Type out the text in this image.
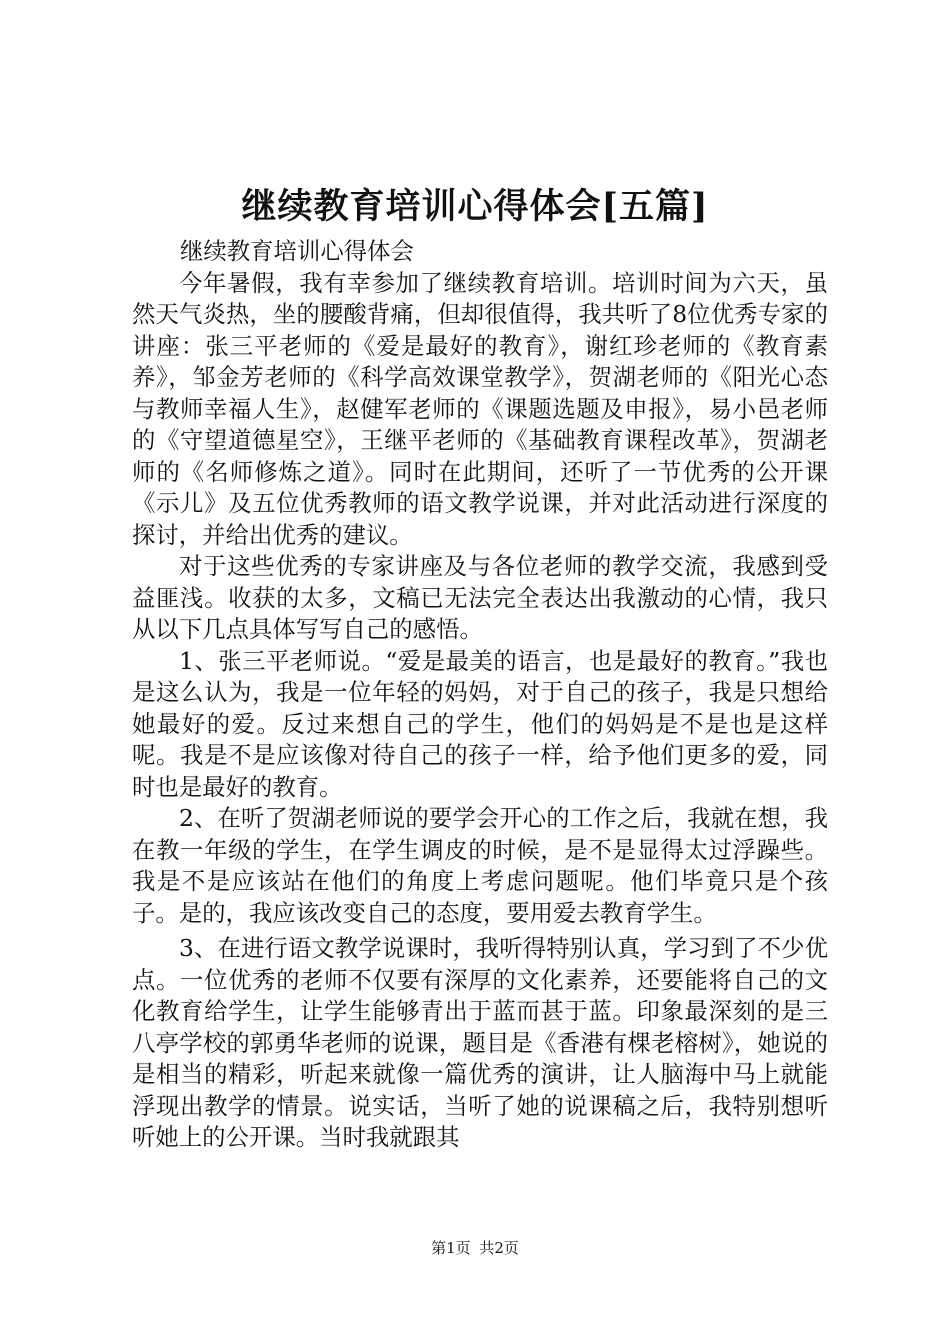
继续教育培训心得体会[五篇]

继续教育培训心得体会

今年暑假，我有幸参加了继续教育培训。培训时间为六天，虽然天气炎热，坐的腰酸背痛，但却很值得，我共听了8位优秀专家的讲座：张三平老师的《爱是最好的教育》，谢红珍老师的《教育素养》，邹金芳老师的《科学高效课堂教学》，贺湖老师的《阳光心态与教师幸福人生》，赵健军老师的《课题选题及申报》，易小邑老师的《守望道德星空》，王继平老师的《基础教育课程改革》，贺湖老师的《名师修炼之道》。同时在此期间，还听了一节优秀的公开课《示儿》及五位优秀教师的语文教学说课，并对此活动进行深度的探讨，并给出优秀的建议。

对于这些优秀的专家讲座及与各位老师的教学交流，我感到受益匪浅。收获的太多，文稿已无法完全表达出我激动的心情，我只从以下几点具体写写自己的感悟。

1、张三平老师说。“爱是最美的语言，也是最好的教育。”我也是这么认为，我是一位年轻的妈妈，对于自己的孩子，我是只想给她最好的爱。反过来想自己的学生，他们的妈妈是不是也是这样呢。我是不是应该像对待自己的孩子一样，给予他们更多的爱，同时也是最好的教育。

2、在听了贺湖老师说的要学会开心的工作之后，我就在想，我在教一年级的学生，在学生调皮的时候，是不是显得太过浮躁些。我是不是应该站在他们的角度上考虑问题呢。他们毕竟只是个孩子。是的，我应该改变自己的态度，要用爱去教育学生。

3、在进行语文教学说课时，我听得特别认真，学习到了不少优点。一位优秀的老师不仅要有深厚的文化素养，还要能将自己的文化教育给学生，让学生能够青出于蓝而甚于蓝。印象最深刻的是三八亭学校的郭勇华老师的说课，题目是《香港有棵老榕树》，她说的是相当的精彩，听起来就像一篇优秀的演讲，让人脑海中马上就能浮现出教学的情景。说实话，当听了她的说课稿之后，我特别想听听她上的公开课。当时我就跟其

第1页 共2页
